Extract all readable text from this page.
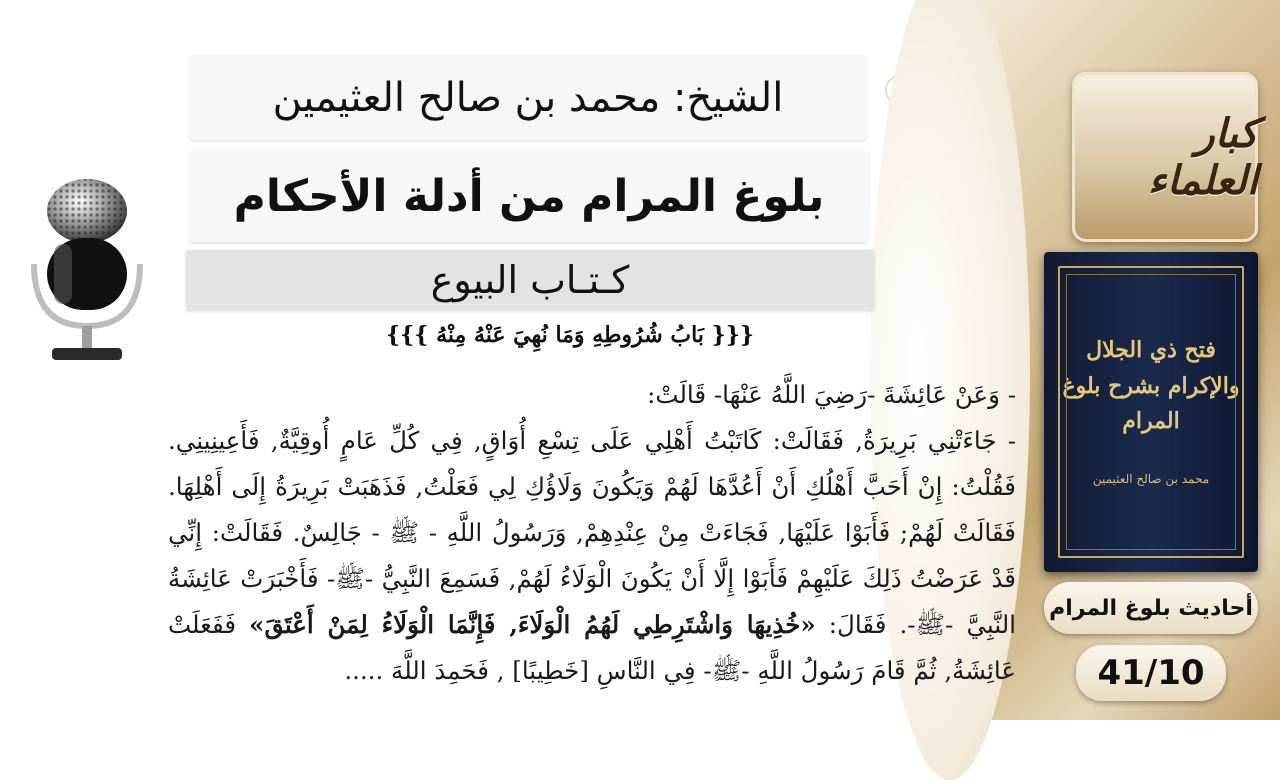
كبار العلماء
فتح ذي الجلال والإكرام بشرح بلوغ المرام
محمد بن صالح العثيمين
أحاديث بلوغ المرام
41/10
الشيخ: محمد بن صالح العثيمين
بلوغ المرام من أدلة الأحكام
كـتـاب البيوع
{{{ بَابُ شُرُوطِهِ وَمَا نُهِيَ عَنْهُ مِنْهُ }}}

- وَعَنْ عَائِشَةَ -رَضِيَ اللَّهُ عَنْهَا- قَالَتْ:

- جَاءَتْنِي بَرِيرَةُ, فَقَالَتْ: كَاتَبْتُ أَهْلِي عَلَى تِسْعِ أُوَاقٍ, فِي كُلِّ عَامٍ أُوقِيَّةٌ, فَأَعِينِينِي. فَقُلْتُ: إِنْ أَحَبَّ أَهْلُكِ أَنْ أَعُدَّهَا لَهُمْ وَيَكُونَ وَلَاؤُكِ لِي فَعَلْتُ, فَذَهَبَتْ بَرِيرَةُ إِلَى أَهْلِهَا. فَقَالَتْ لَهُمْ; فَأَبَوْا عَلَيْهَا, فَجَاءَتْ مِنْ عِنْدِهِمْ, وَرَسُولُ اللَّهِ - ﷺ - جَالِسٌ. فَقَالَتْ: إِنِّي قَدْ عَرَضْتُ ذَلِكَ عَلَيْهِمْ فَأَبَوْا إِلَّا أَنْ يَكُونَ الْوَلَاءُ لَهُمْ, فَسَمِعَ النَّبِيُّ -ﷺ- فَأَخْبَرَتْ عَائِشَةُ النَّبِيَّ -ﷺ-. فَقَالَ: «خُذِيهَا وَاشْتَرِطِي لَهُمُ الْوَلَاءَ, فَإِنَّمَا الْوَلَاءُ لِمَنْ أَعْتَقَ» فَفَعَلَتْ عَائِشَةُ, ثُمَّ قَامَ رَسُولُ اللَّهِ -ﷺ- فِي النَّاسِ [خَطِيبًا] , فَحَمِدَ اللَّهَ .....
